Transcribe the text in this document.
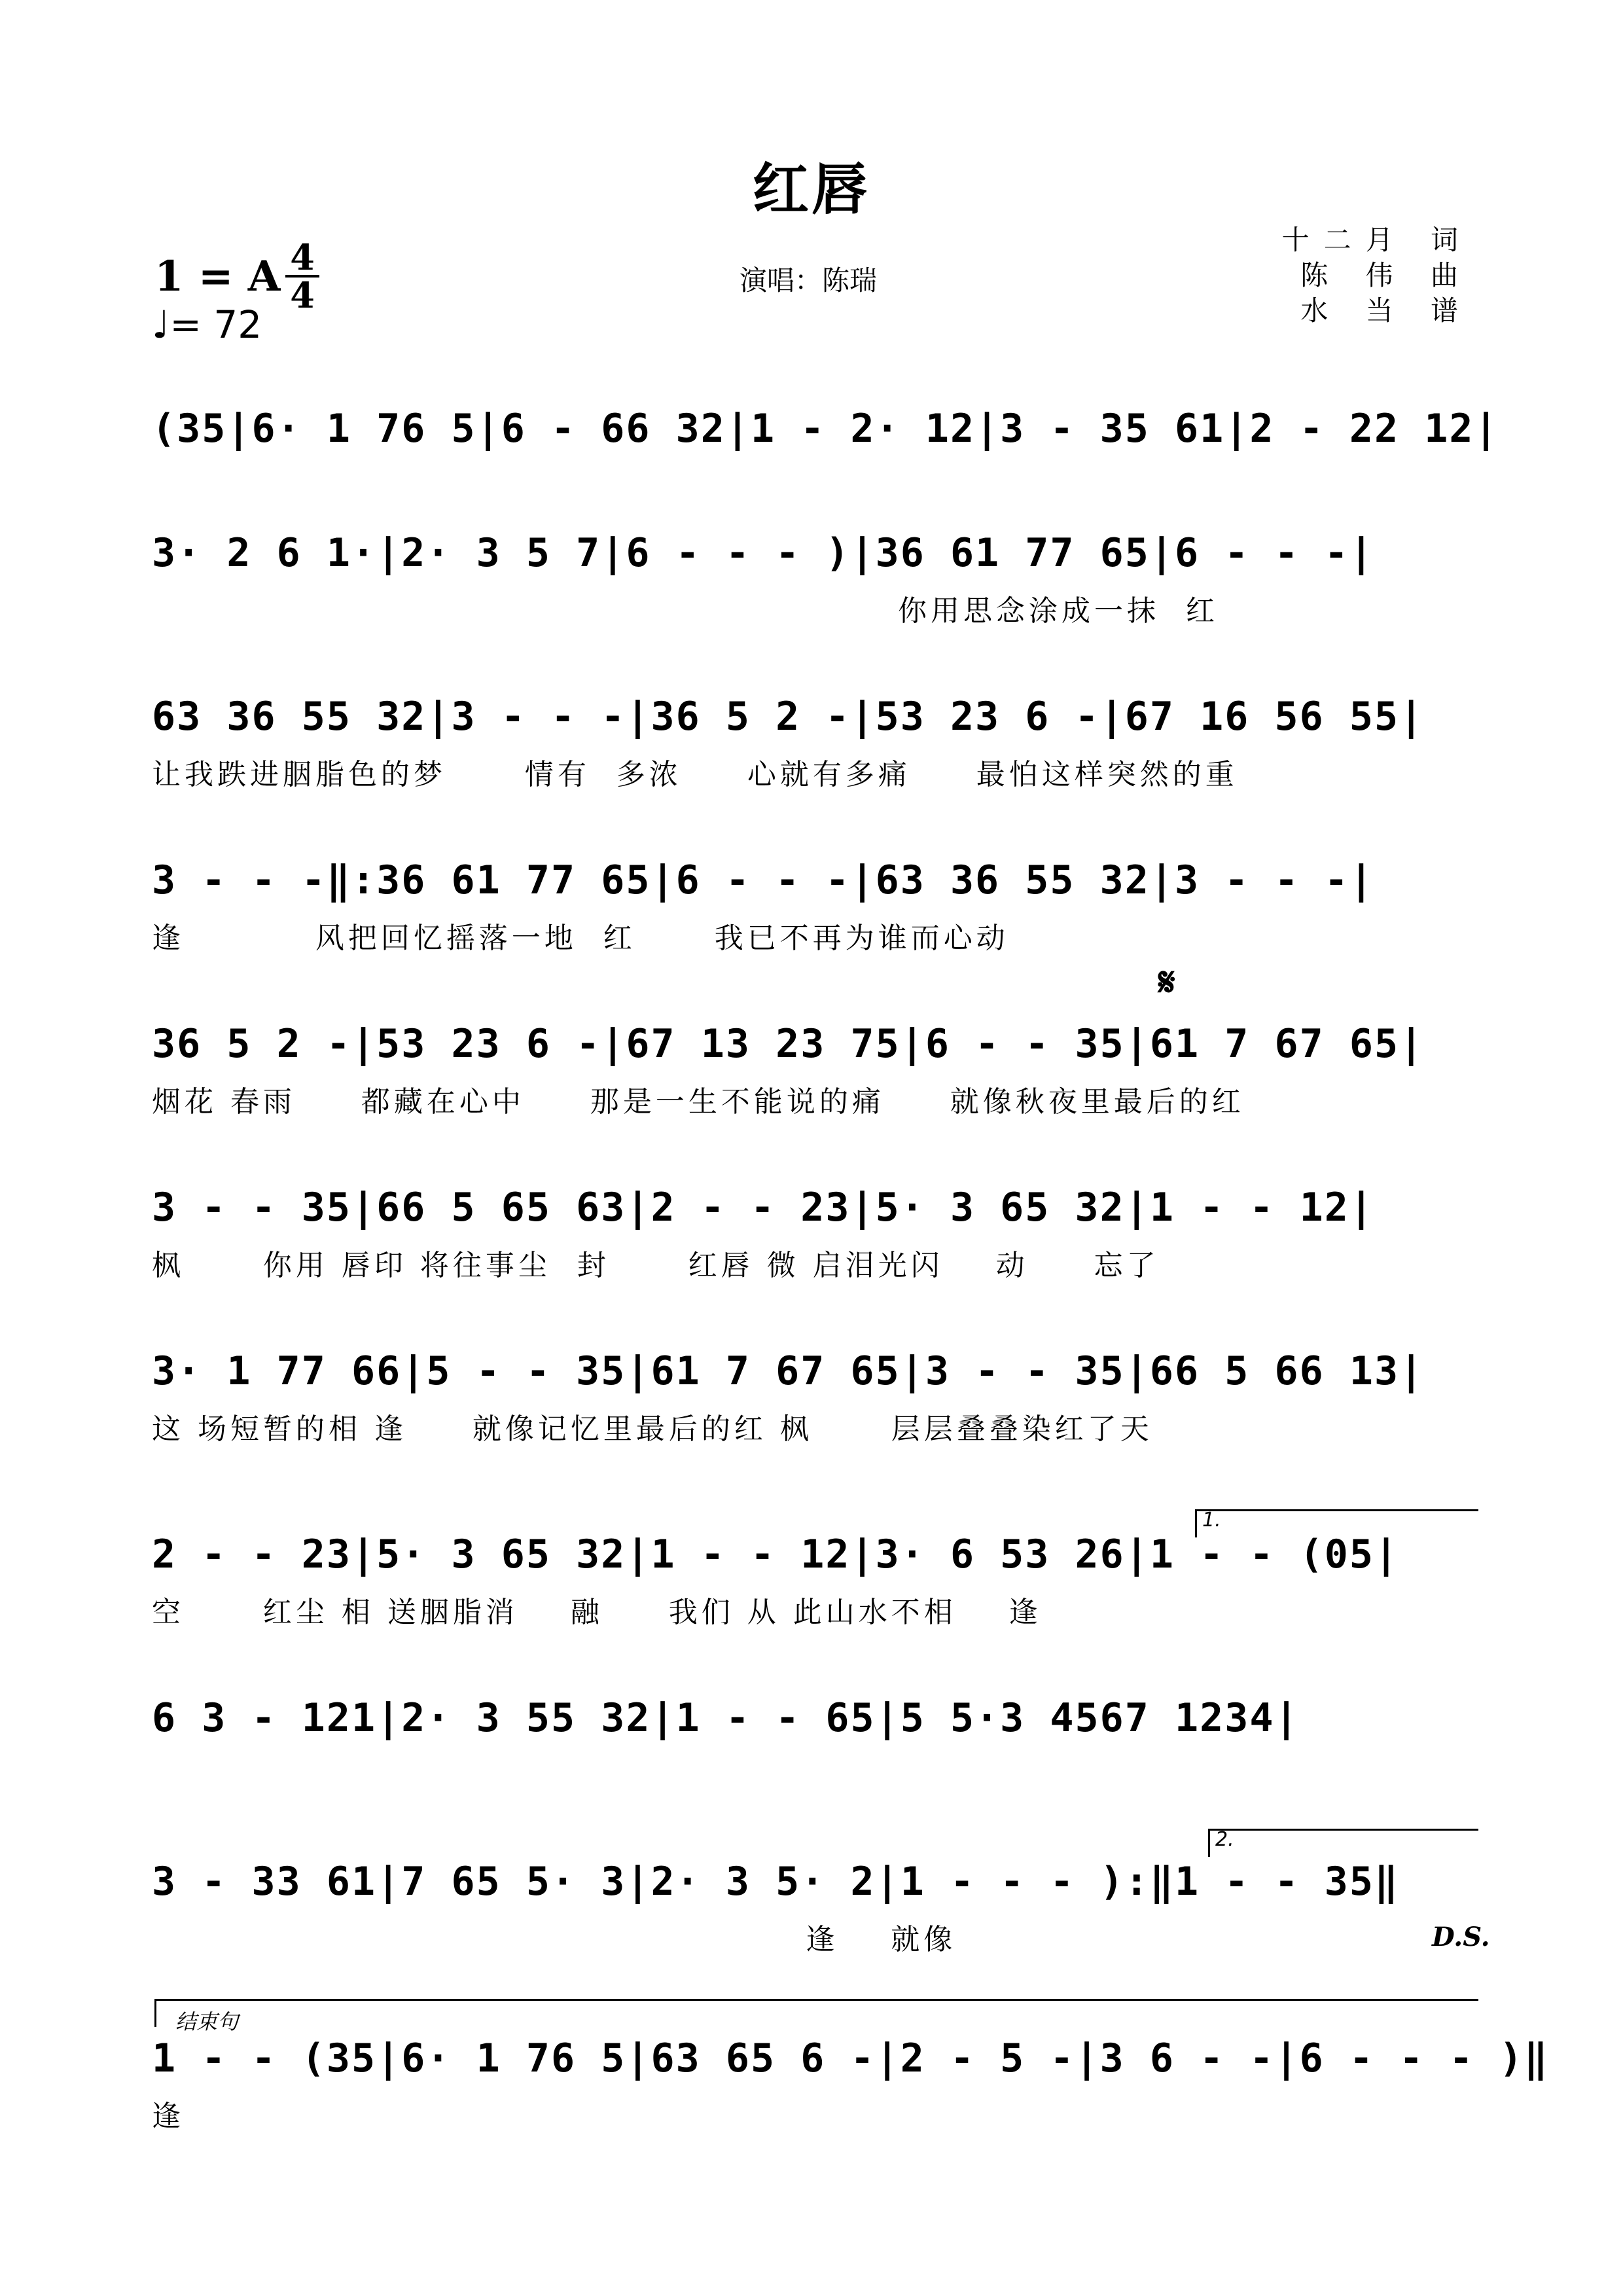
红唇
1 = A 4
4
♩= 72
演唱：陈瑞
十二月 词
陈 伟 曲
水 当 谱
𝄋
D.S.
1.
2.
结束句
(35|6· 1 76 5|6 - 66 32|1 - 2· 12|3 - 35 61|2 - 22 12|
3· 2 6 1·|2· 3 5 7|6 - - - )|36 61 77 65|6 - - -|
你用思念涂成一抹  红
63 36 55 32|3 - - -|36 5 2 -|53 23 6 -|67 16 56 55|
让我跌进胭脂色的梦      情有  多浓     心就有多痛     最怕这样突然的重
3 - - -‖:36 61 77 65|6 - - -|63 36 55 32|3 - - -|
逢          风把回忆摇落一地  红      我已不再为谁而心动
36 5 2 -|53 23 6 -|67 13 23 75|6 - - 35|61 7 67 65|
烟花 春雨     都藏在心中     那是一生不能说的痛     就像秋夜里最后的红
3 - - 35|66 5 65 63|2 - - 23|5· 3 65 32|1 - - 12|
枫      你用 唇印 将往事尘  封      红唇 微 启泪光闪    动     忘了
3· 1 77 66|5 - - 35|61 7 67 65|3 - - 35|66 5 66 13|
这 场短暂的相 逢     就像记忆里最后的红 枫      层层叠叠染红了天
2 - - 23|5· 3 65 32|1 - - 12|3· 6 53 26|1 - - (05|
空      红尘 相 送胭脂消    融     我们 从 此山水不相    逢
6 3 - 121|2· 3 55 32|1 - - 65|5 5·3 4567 1234|
3 - 33 61|7 65 5· 3|2· 3 5· 2|1 - - - ):‖1 - - 35‖
逢    就像
1 - - (35|6· 1 76 5|63 65 6 -|2 - 5 -|3 6 - -|6 - - - )‖
逢
